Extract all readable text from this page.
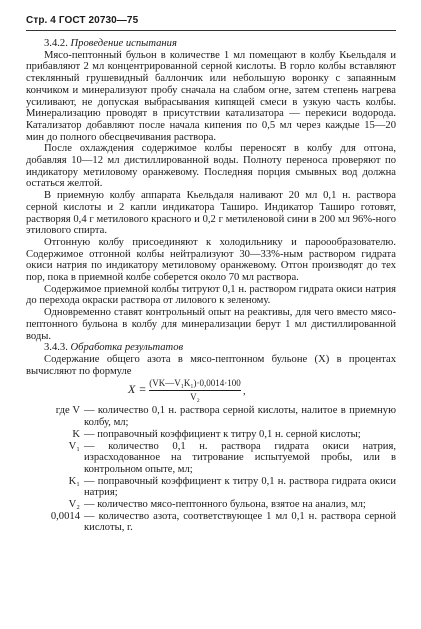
Стр. 4 ГОСТ 20730—75

3.4.2. Проведение испытания

Мясо-пептонный бульон в количестве 1 мл помещают в колбу Кьельдаля и прибавляют 2 мл концентрированной серной кислоты. В горло колбы вставляют стеклянный грушевидный баллончик или небольшую воронку с запаянным кончиком и минерализуют пробу сначала на слабом огне, затем степень нагрева усиливают, не допуская выбрасывания кипящей смеси в узкую часть колбы. Минерализацию проводят в присутствии катализатора — перекиси водорода. Катализатор добавляют после начала кипения по 0,5 мл через каждые 15—20 мин до полного обесцвечивания раствора.

После охлаждения содержимое колбы переносят в колбу для отгона, добавляя 10—12 мл дистиллированной воды. Полноту переноса проверяют по индикатору метиловому оранжевому. Последняя порция смывных вод должна остаться желтой.

В приемную колбу аппарата Кьельдаля наливают 20 мл 0,1 н. раствора серной кислоты и 2 капли индикатора Таширо. Индикатор Таширо готовят, растворяя 0,4 г метилового красного и 0,2 г метиленовой сини в 200 мл 96%-ного этилового спирта.

Отгонную колбу присоединяют к холодильнику и пароообразователю. Содержимое отгонной колбы нейтрализуют 30—33%-ным раствором гидрата окиси натрия по индикатору метиловому оранжевому. Отгон производят до тех пор, пока в приемной колбе соберется около 70 мл раствора.

Содержимое приемной колбы титруют 0,1 н. раствором гидрата окиси натрия до перехода окраски раствора от лилового к зеленому.

Одновременно ставят контрольный опыт на реактивы, для чего вместо мясо-пептонного бульона в колбу для минерализации берут 1 мл дистиллированной воды.

3.4.3. Обработка результатов

Содержание общего азота в мясо-пептонном бульоне (X) в процентах вычисляют по формуле

$X = \frac{\text{(VK—V₁K₁)·0,0014·100}}{\text{V₂}}$ ,
где V — количество 0,1 н. раствора серной кислоты, налитое в приемную колбу, мл;
K — поправочный коэффициент к титру 0,1 н. серной кислоты;
V₁ — количество 0,1 н. раствора гидрата окиси натрия, израсходованное на титрование испытуемой пробы, или в контрольном опыте, мл;
K₁ — поправочный коэффициент к титру 0,1 н. раствора гидрата окиси натрия;
V₂ — количество мясо-пептонного бульона, взятое на анализ, мл;
0,0014 — количество азота, соответствующее 1 мл 0,1 н. раствора серной кислоты, г.
